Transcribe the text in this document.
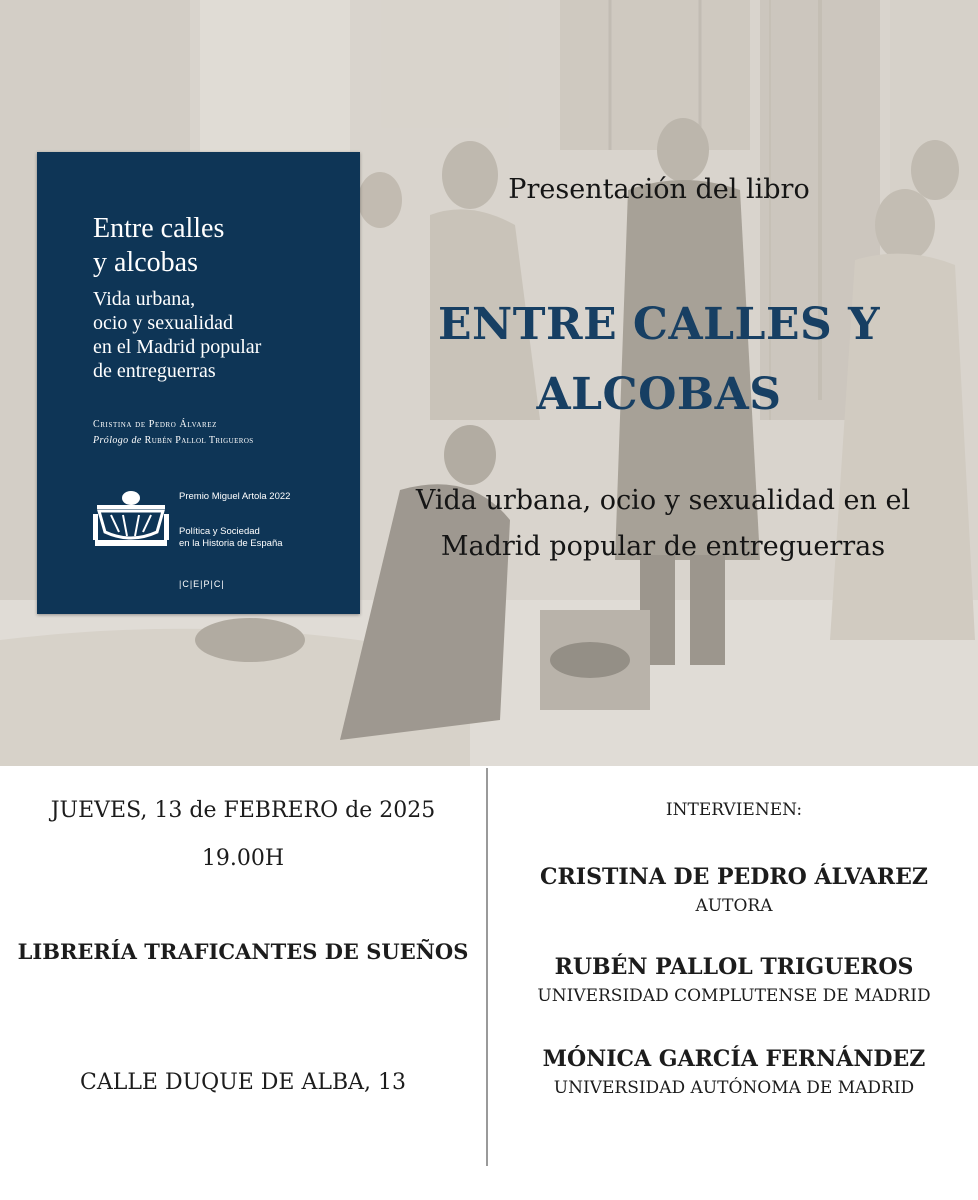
Entre calles
y alcobas
Vida urbana,
ocio y sexualidad
en el Madrid popular
de entreguerras
Cristina de Pedro Álvarez
Prólogo de Rubén Pallol Trigueros
Premio Miguel Artola 2022
Política y Sociedad
en la Historia de España
|C|E|P|C|
Presentación del libro
ENTRE CALLES Y ALCOBAS
Vida urbana, ocio y sexualidad en el Madrid popular de entreguerras
JUEVES, 13 de FEBRERO de 2025
19.00H
LIBRERÍA TRAFICANTES DE SUEÑOS
CALLE DUQUE DE ALBA, 13
INTERVIENEN:
CRISTINA DE PEDRO ÁLVAREZ
AUTORA
RUBÉN PALLOL TRIGUEROS
UNIVERSIDAD COMPLUTENSE DE MADRID
MÓNICA GARCÍA FERNÁNDEZ
UNIVERSIDAD AUTÓNOMA DE MADRID
